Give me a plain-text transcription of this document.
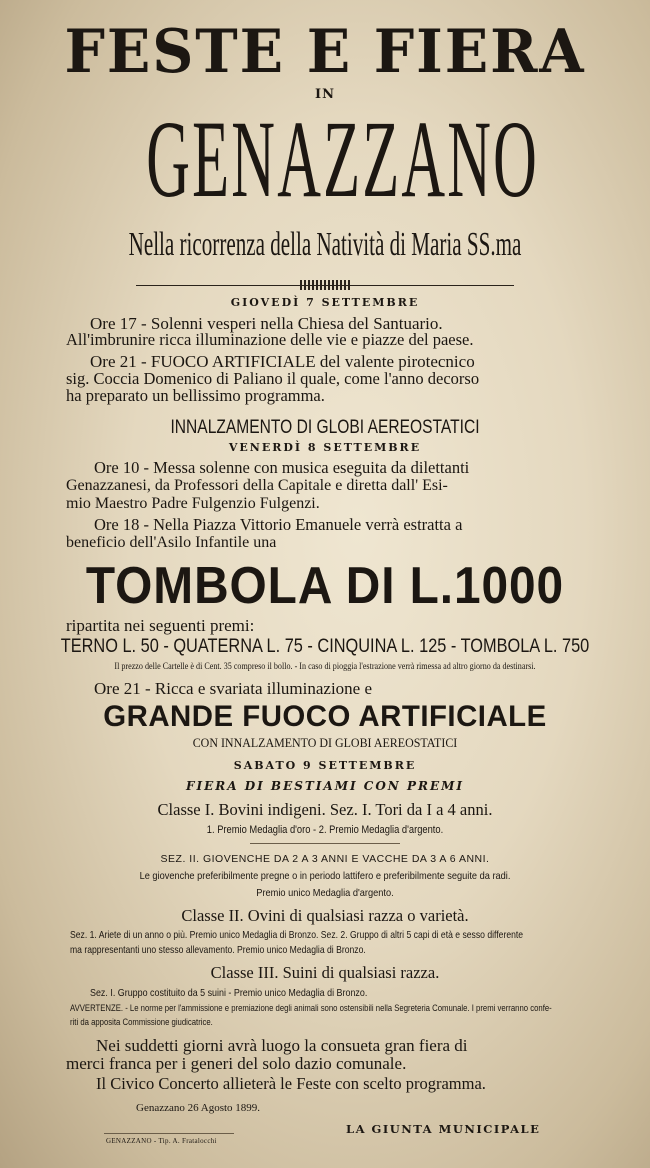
FESTE E FIERA
IN
GENAZZANO
Nella ricorrenza della Natività di Maria SS.ma
GIOVEDÌ 7 SETTEMBRE
Ore 17 - Solenni vesperi nella Chiesa del Santuario.
All'imbrunire ricca illuminazione delle vie e piazze del paese.
Ore 21 - FUOCO ARTIFICIALE del valente pirotecnico
sig. Coccia Domenico di Paliano il quale, come l'anno decorso
ha preparato un bellissimo programma.
INNALZAMENTO DI GLOBI AEREOSTATICI
VENERDÌ 8 SETTEMBRE
Ore 10 - Messa solenne con musica eseguita da dilettanti
Genazzanesi, da Professori della Capitale e diretta dall' Esi-
mio Maestro Padre Fulgenzio Fulgenzi.
Ore 18 - Nella Piazza Vittorio Emanuele verrà estratta a
beneficio dell'Asilo Infantile una
TOMBOLA DI L.1000
ripartita nei seguenti premi:
TERNO L. 50 - QUATERNA L. 75 - CINQUINA L. 125 - TOMBOLA L. 750
Il prezzo delle Cartelle è di Cent. 35 compreso il bollo. - In caso di pioggia l'estrazione verrà rimessa ad altro giorno da destinarsi.
Ore 21 - Ricca e svariata illuminazione e
GRANDE FUOCO ARTIFICIALE
CON INNALZAMENTO DI GLOBI AEREOSTATICI
SABATO 9 SETTEMBRE
FIERA DI BESTIAMI CON PREMI
Classe I. Bovini indigeni. Sez. I. Tori da I a 4 anni.
1. Premio Medaglia d'oro - 2. Premio Medaglia d'argento.
SEZ. II. GIOVENCHE DA 2 A 3 ANNI E VACCHE DA 3 A 6 ANNI.
Le giovenche preferibilmente pregne o in periodo lattifero e preferibilmente seguite da radi.
Premio unico Medaglia d'argento.
Classe II. Ovini di qualsiasi razza o varietà.
Sez. 1. Ariete di un anno o più. Premio unico Medaglia di Bronzo. Sez. 2. Gruppo di altri 5 capi di età e sesso differente
ma rappresentanti uno stesso allevamento. Premio unico Medaglia di Bronzo.
Classe III. Suini di qualsiasi razza.
Sez. I. Gruppo costituito da 5 suini - Premio unico Medaglia di Bronzo.
AVVERTENZE. - Le norme per l'ammissione e premiazione degli animali sono ostensibili nella Segreteria Comunale. I premi verranno confe-
riti da apposita Commissione giudicatrice.
Nei suddetti giorni avrà luogo la consueta gran fiera di
merci franca per i generi del solo dazio comunale.
Il Civico Concerto allieterà le Feste con scelto programma.
Genazzano 26 Agosto 1899.
LA GIUNTA MUNICIPALE
GENAZZANO - Tip. A. Fratalocchi
